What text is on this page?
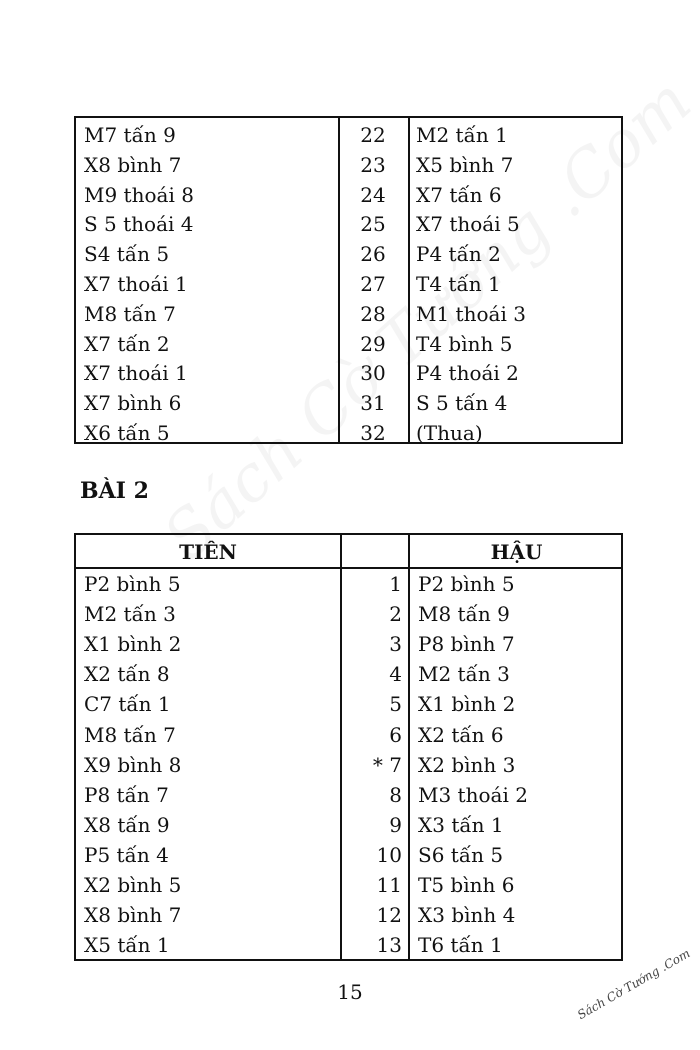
M7 tấn 9	22	M2 tấn 1
X8 bình 7	23	X5 bình 7
M9 thoái 8	24	X7 tấn 6
S 5 thoái 4	25	X7 thoái 5
S4 tấn 5	26	P4 tấn 2
X7 thoái 1	27	T4 tấn 1
M8 tấn 7	28	M1 thoái 3
X7 tấn 2	29	T4 bình 5
X7 thoái 1	30	P4 thoái 2
X7 bình 6	31	S 5 tấn 4
X6 tấn 5	32	(Thua)
BÀI 2
TIÊN	HẬU
P2 bình 5	1 P2 bình 5
M2 tấn 3	2 M8 tấn 9
X1 bình 2	3 P8 bình 7
X2 tấn 8	4 M2 tấn 3
C7 tấn 1	5 X1 bình 2
M8 tấn 7	6 X2 tấn 6
X9 bình 8	* 7 X2 bình 3
P8 tấn 7	8 M3 thoái 2
X8 tấn 9	9 X3 tấn 1
P5 tấn 4	10 S6 tấn 5
X2 bình 5	11 T5 bình 6
X8 bình 7	12 X3 bình 4
X5 tấn 1	13 T6 tấn 1
15	Sách Cờ Tướng .Com
